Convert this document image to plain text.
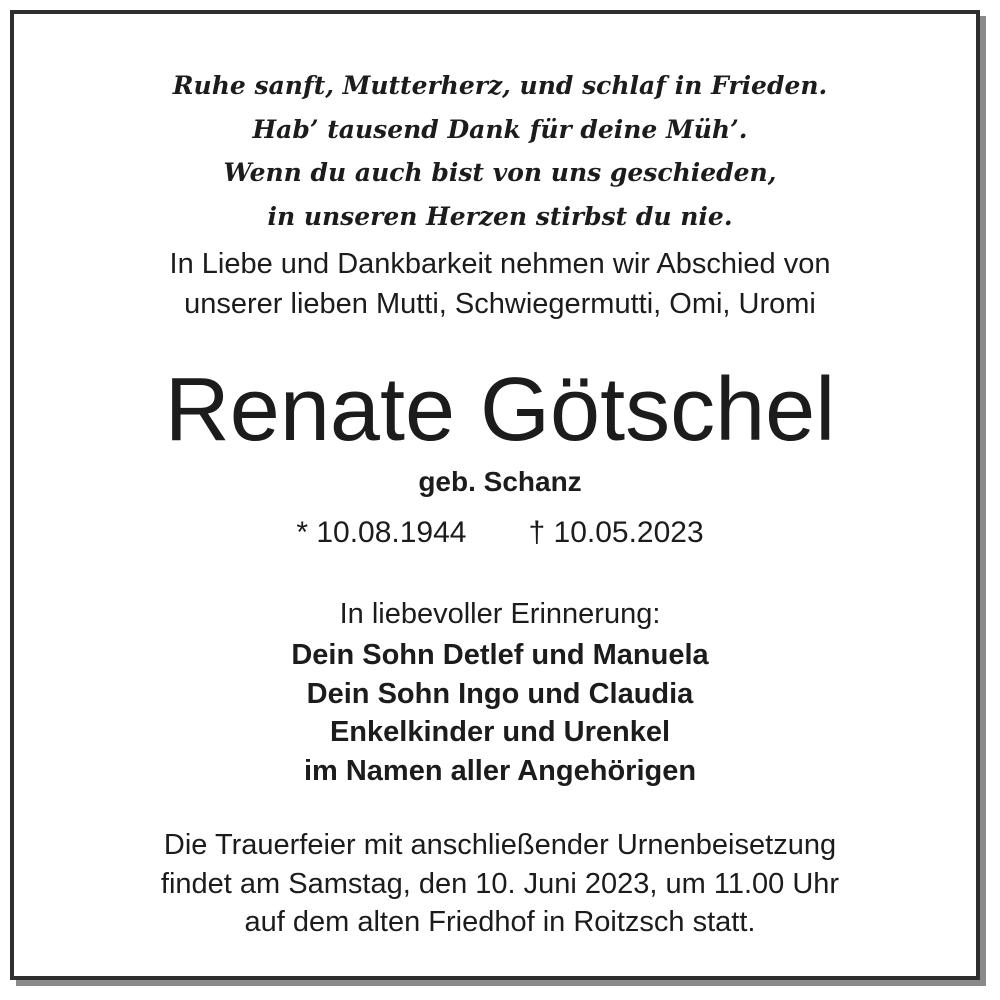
Ruhe sanft, Mutterherz, und schlaf in Frieden.
Hab’ tausend Dank für deine Müh’.
Wenn du auch bist von uns geschieden,
in unseren Herzen stirbst du nie.
In Liebe und Dankbarkeit nehmen wir Abschied von
unserer lieben Mutti, Schwiegermutti, Omi, Uromi
Renate Götschel
geb. Schanz
* 10.08.1944 † 10.05.2023
In liebevoller Erinnerung:
Dein Sohn Detlef und Manuela
Dein Sohn Ingo und Claudia
Enkelkinder und Urenkel
im Namen aller Angehörigen
Die Trauerfeier mit anschließender Urnenbeisetzung
findet am Samstag, den 10. Juni 2023, um 11.00 Uhr
auf dem alten Friedhof in Roitzsch statt.
